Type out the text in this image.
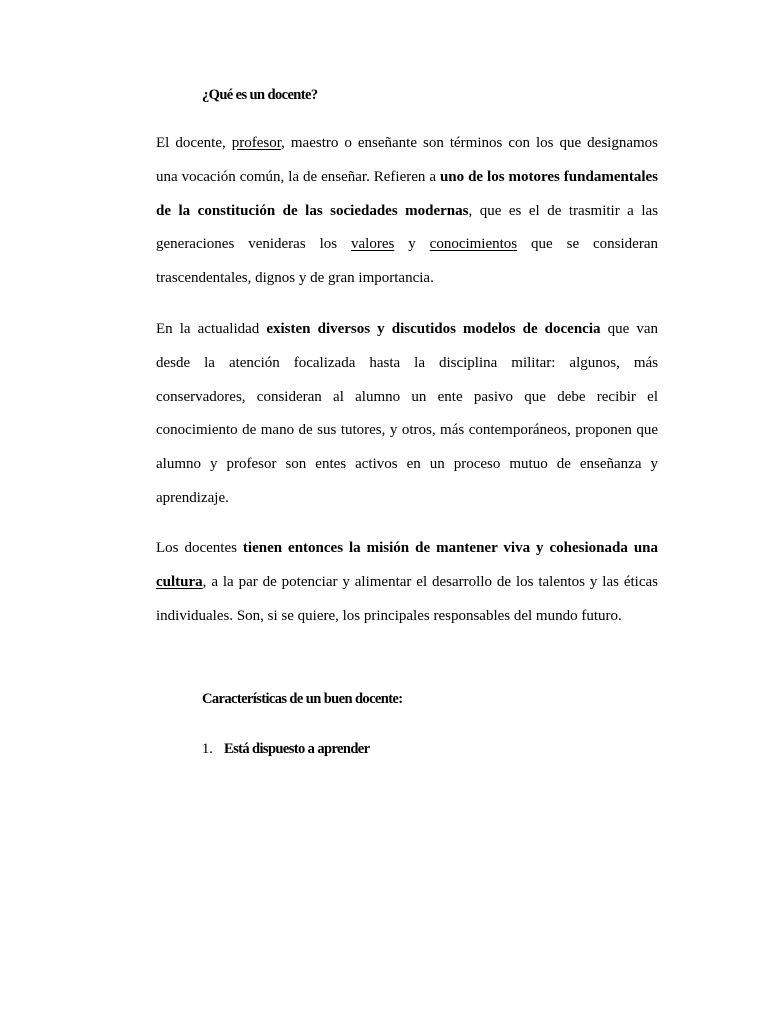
¿Qué es un docente?

El docente, profesor, maestro o enseñante son términos con los que designamos una vocación común, la de enseñar. Refieren a uno de los motores fundamentales de la constitución de las sociedades modernas, que es el de trasmitir a las generaciones venideras los valores y conocimientos que se consideran trascendentales, dignos y de gran importancia.

En la actualidad existen diversos y discutidos modelos de docencia que van desde la atención focalizada hasta la disciplina militar: algunos, más conservadores, consideran al alumno un ente pasivo que debe recibir el conocimiento de mano de sus tutores, y otros, más contemporáneos, proponen que alumno y profesor son entes activos en un proceso mutuo de enseñanza y aprendizaje.

Los docentes tienen entonces la misión de mantener viva y cohesionada una cultura, a la par de potenciar y alimentar el desarrollo de los talentos y las éticas individuales. Son, si se quiere, los principales responsables del mundo futuro.

Características de un buen docente:
1. Está dispuesto a aprender
